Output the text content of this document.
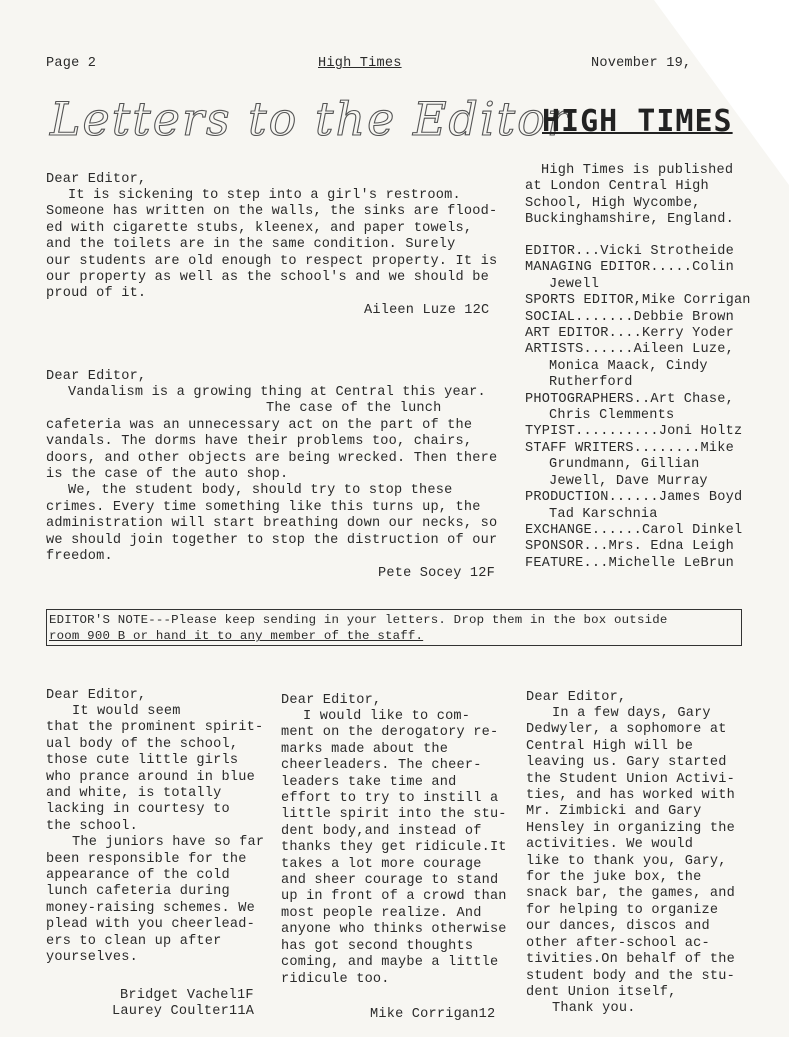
Page 2	High Times	November 19,
Letters to the Editor
Dear Editor,
It is sickening to step into a girl's restroom.
Someone has written on the walls, the sinks are flood-
ed with cigarette stubs, kleenex, and paper towels,
and the toilets are in the same condition. Surely
our students are old enough to respect property. It is
our property as well as the school's and we should be
proud of it.
Aileen Luze 12C
Dear Editor,
Vandalism is a growing thing at Central this year.
The case of the lunch
cafeteria was an unnecessary act on the part of the
vandals. The dorms have their problems too, chairs,
doors, and other objects are being wrecked. Then there
is the case of the auto shop.
We, the student body, should try to stop these
crimes. Every time something like this turns up, the
administration will start breathing down our necks, so
we should join together to stop the distruction of our
freedom.
Pete Socey 12F
HIGH TIMES
High Times is published
at London Central High
School, High Wycombe,
Buckinghamshire, England.
EDITOR...Vicki Strotheide
MANAGING EDITOR.....Colin
Jewell
SPORTS EDITOR,Mike Corrigan
SOCIAL.......Debbie Brown
ART EDITOR....Kerry Yoder
ARTISTS......Aileen Luze,
Monica Maack, Cindy
Rutherford
PHOTOGRAPHERS..Art Chase,
Chris Clemments
TYPIST..........Joni Holtz
STAFF WRITERS........Mike
Grundmann, Gillian
Jewell, Dave Murray
PRODUCTION......James Boyd
Tad Karschnia
EXCHANGE......Carol Dinkel
SPONSOR...Mrs. Edna Leigh
FEATURE...Michelle LeBrun
EDITOR'S NOTE---Please keep sending in your letters. Drop them in the box outside
room 900 B or hand it to any member of the staff.
Dear Editor,
It would seem
that the prominent spirit-
ual body of the school,
those cute little girls
who prance around in blue
and white, is totally
lacking in courtesy to
the school.
The juniors have so far
been responsible for the
appearance of the cold
lunch cafeteria during
money-raising schemes. We
plead with you cheerlead-
ers to clean up after
yourselves.
Bridget Vachel1F
Laurey Coulter11A
Dear Editor,
I would like to com-
ment on the derogatory re-
marks made about the
cheerleaders. The cheer-
leaders take time and
effort to try to instill a
little spirit into the stu-
dent body,and instead of
thanks they get ridicule.It
takes a lot more courage
and sheer courage to stand
up in front of a crowd than
most people realize. And
anyone who thinks otherwise
has got second thoughts
coming, and maybe a little
ridicule too.
Mike Corrigan12
Dear Editor,
In a few days, Gary
Dedwyler, a sophomore at
Central High will be
leaving us. Gary started
the Student Union Activi-
ties, and has worked with
Mr. Zimbicki and Gary
Hensley in organizing the
activities. We would
like to thank you, Gary,
for the juke box, the
snack bar, the games, and
for helping to organize
our dances, discos and
other after-school ac-
tivities.On behalf of the
student body and the stu-
dent Union itself,
Thank you.
